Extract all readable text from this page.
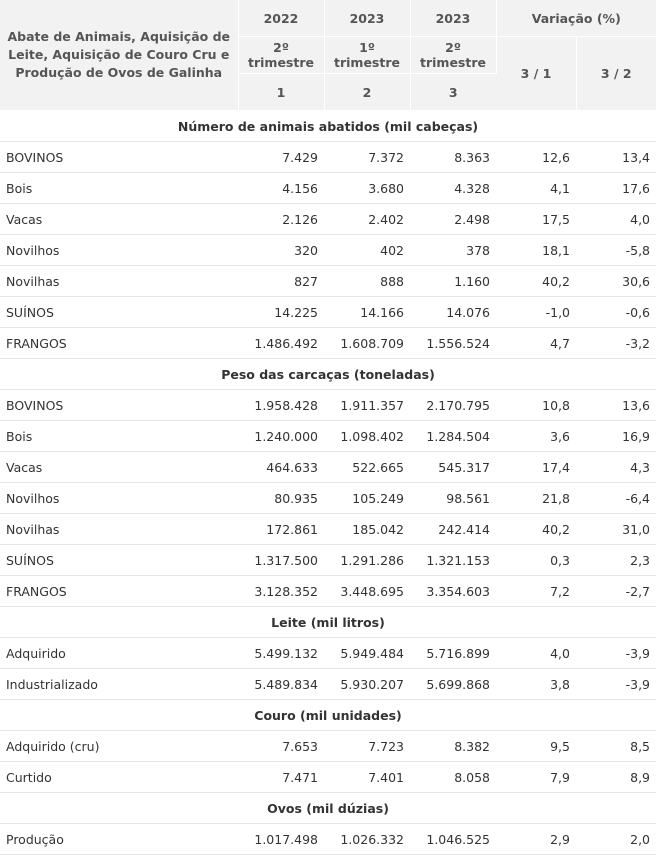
Abate de Animais, Aquisição de Leite, Aquisição de Couro Cru e Produção de Ovos de Galinha	2022	2023	2023	Variação (%)	
	2º trimestre	1º trimestre	2º trimestre	3 / 1	3 / 2
	1	2	3		
Número de animais abatidos (mil cabeças)					
BOVINOS	7.429	7.372	8.363	12,6	13,4
Bois	4.156	3.680	4.328	4,1	17,6
Vacas	2.126	2.402	2.498	17,5	4,0
Novilhos	320	402	378	18,1	-5,8
Novilhas	827	888	1.160	40,2	30,6
SUÍNOS	14.225	14.166	14.076	-1,0	-0,6
FRANGOS	1.486.492	1.608.709	1.556.524	4,7	-3,2
Peso das carcaças (toneladas)					
BOVINOS	1.958.428	1.911.357	2.170.795	10,8	13,6
Bois	1.240.000	1.098.402	1.284.504	3,6	16,9
Vacas	464.633	522.665	545.317	17,4	4,3
Novilhos	80.935	105.249	98.561	21,8	-6,4
Novilhas	172.861	185.042	242.414	40,2	31,0
SUÍNOS	1.317.500	1.291.286	1.321.153	0,3	2,3
FRANGOS	3.128.352	3.448.695	3.354.603	7,2	-2,7
Leite (mil litros)					
Adquirido	5.499.132	5.949.484	5.716.899	4,0	-3,9
Industrializado	5.489.834	5.930.207	5.699.868	3,8	-3,9
Couro (mil unidades)					
Adquirido (cru)	7.653	7.723	8.382	9,5	8,5
Curtido	7.471	7.401	8.058	7,9	8,9
Ovos (mil dúzias)					
Produção	1.017.498	1.026.332	1.046.525	2,9	2,0
